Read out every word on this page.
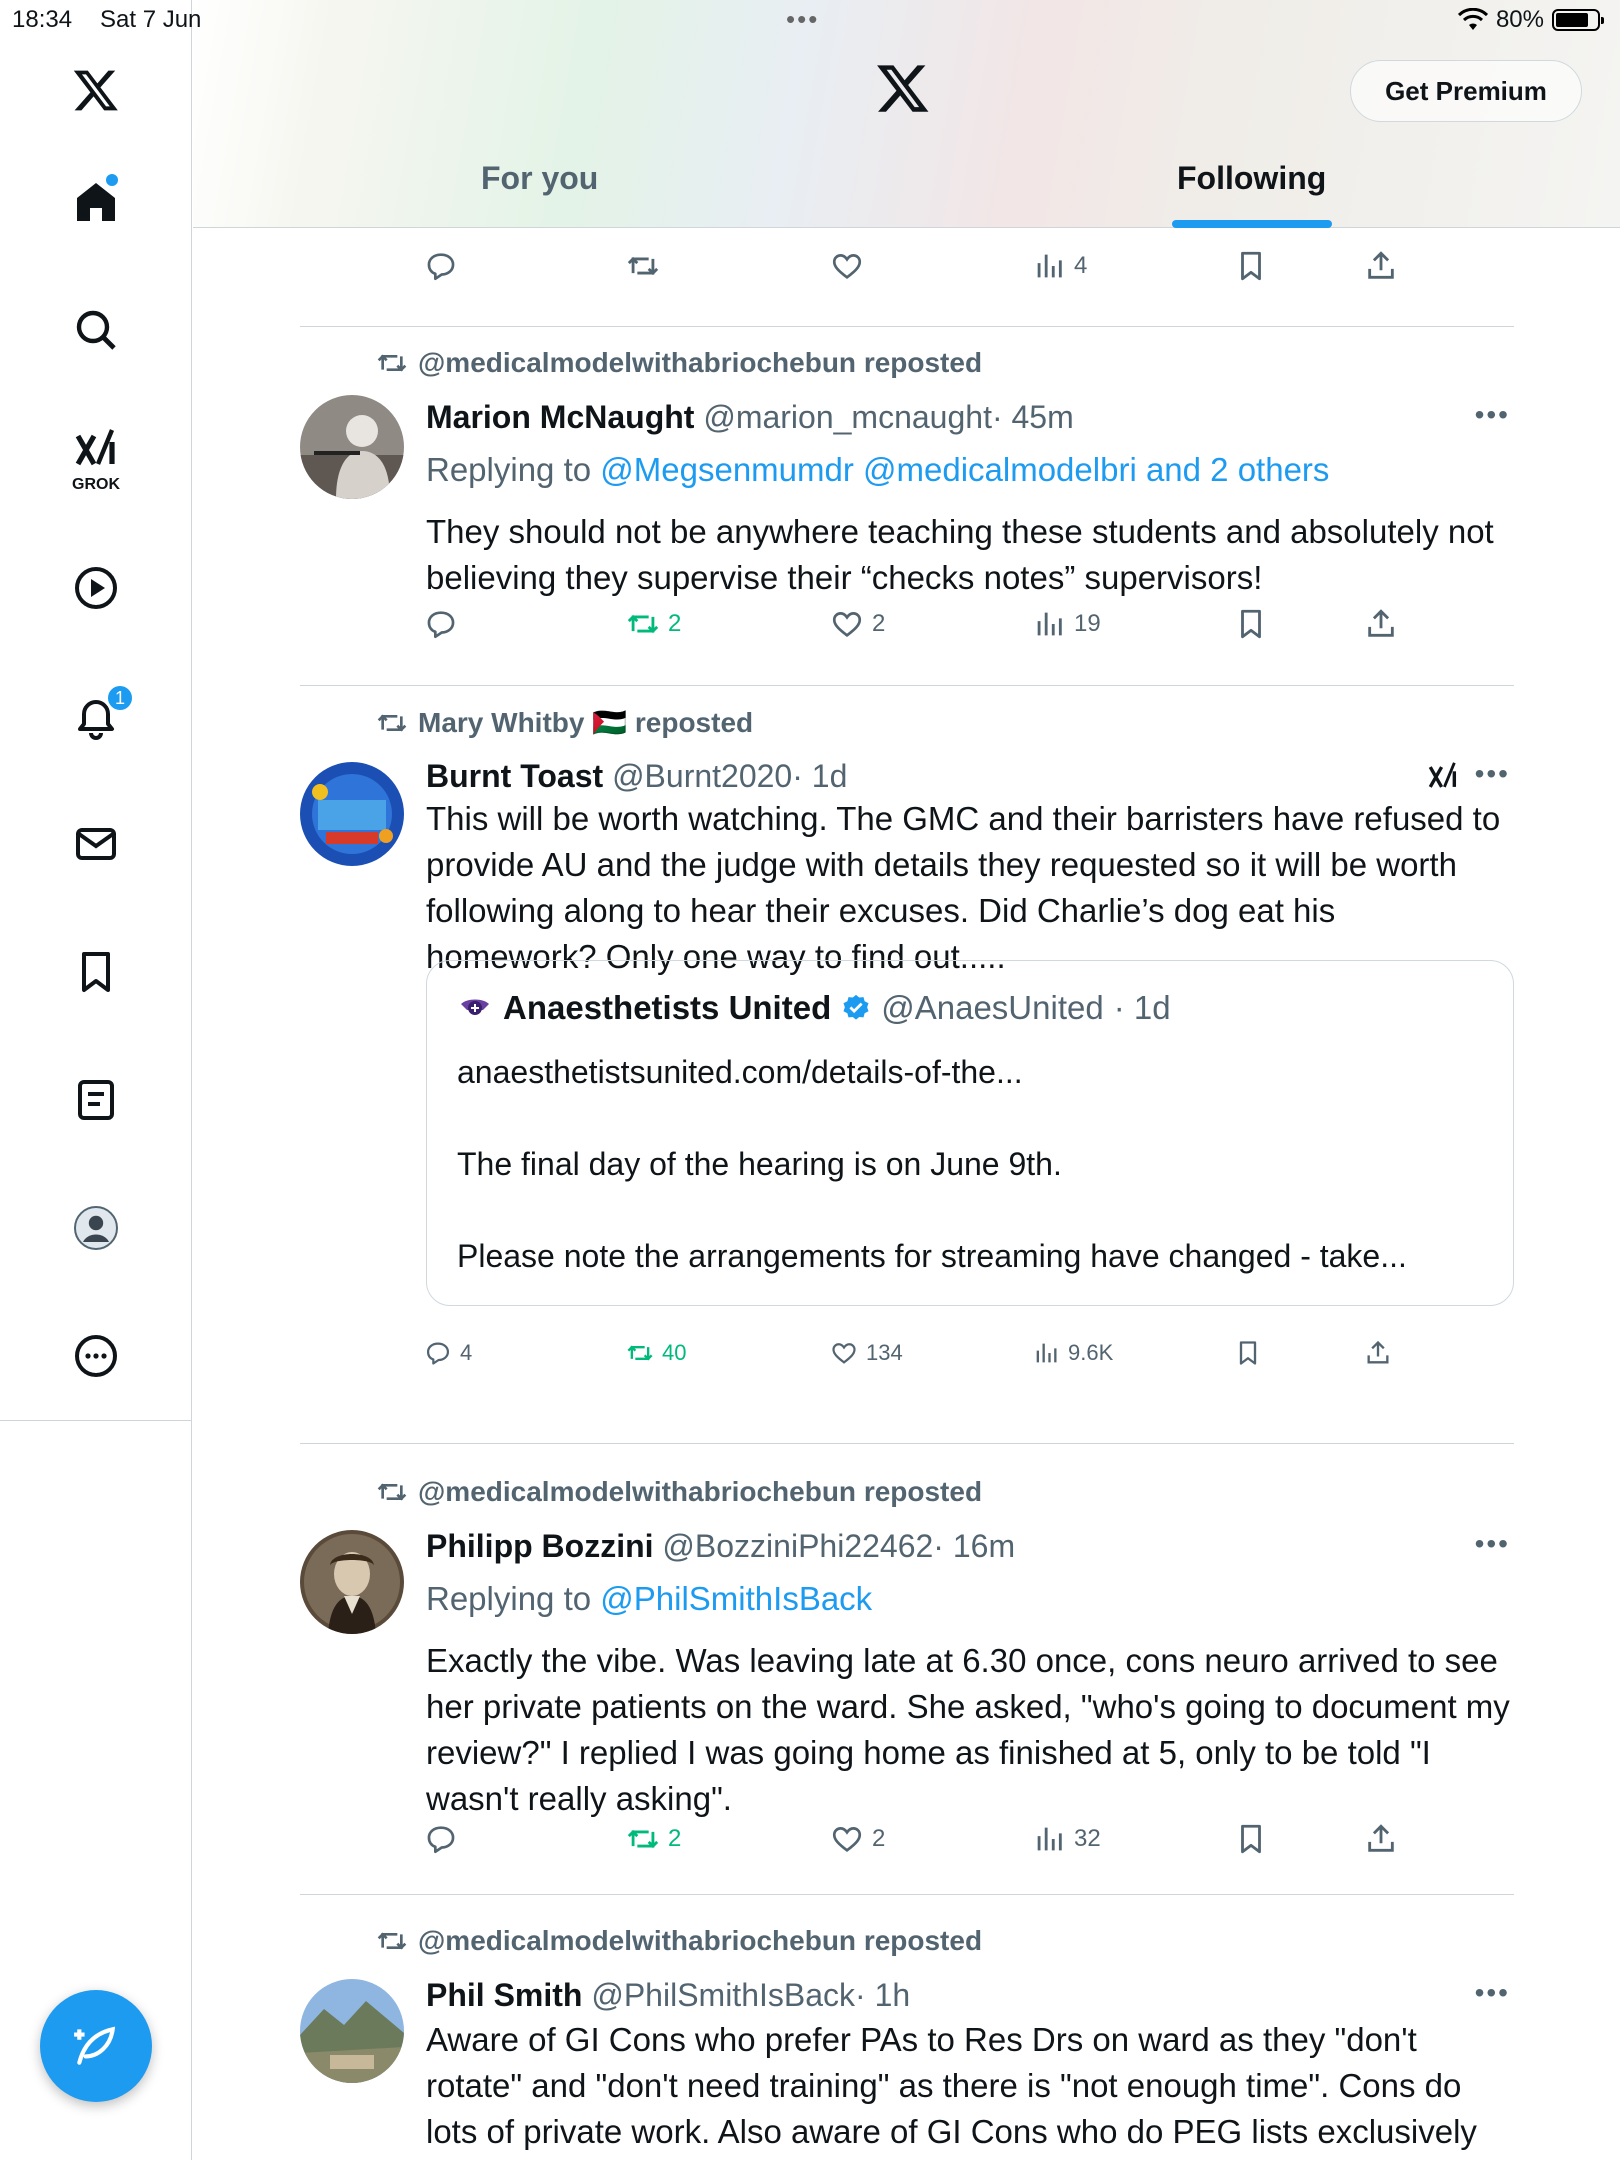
18:34 Sat 7 Jun	•••	80%
GROK
1
Get Premium
For you	Following
4
@medicalmodelwithabriochebun reposted
Marion McNaught @marion_mcnaught· 45m	•••
Replying to @Megsenmumdr @medicalmodelbri and 2 others
They should not be anywhere teaching these students and absolutely not believing they supervise their “checks notes” supervisors!
2	2	19
Mary Whitby 🇵🇸 reposted
Burnt Toast @Burnt2020· 1d	•••
This will be worth watching. The GMC and their barristers have refused to provide AU and the judge with details they requested so it will be worth following along to hear their excuses. Did Charlie’s dog eat his homework? Only one way to find out.....
Anaesthetists United @AnaesUnited · 1d
anaesthetistsunited.com/details-of-the...
The final day of the hearing is on June 9th.
Please note the arrangements for streaming have changed - take...
4	40	134	9.6K
@medicalmodelwithabriochebun reposted
Philipp Bozzini @BozziniPhi22462· 16m	•••
Replying to @PhilSmithIsBack
Exactly the vibe. Was leaving late at 6.30 once, cons neuro arrived to see her private patients on the ward. She asked, "who's going to document my review?" I replied I was going home as finished at 5, only to be told "I wasn't really asking".
2	2	32
@medicalmodelwithabriochebun reposted
Phil Smith @PhilSmithIsBack· 1h	•••
Aware of GI Cons who prefer PAs to Res Drs on ward as they "don't rotate" and "don't need training" as there is "not enough time". Cons do lots of private work. Also aware of GI Cons who do PEG lists exclusively
